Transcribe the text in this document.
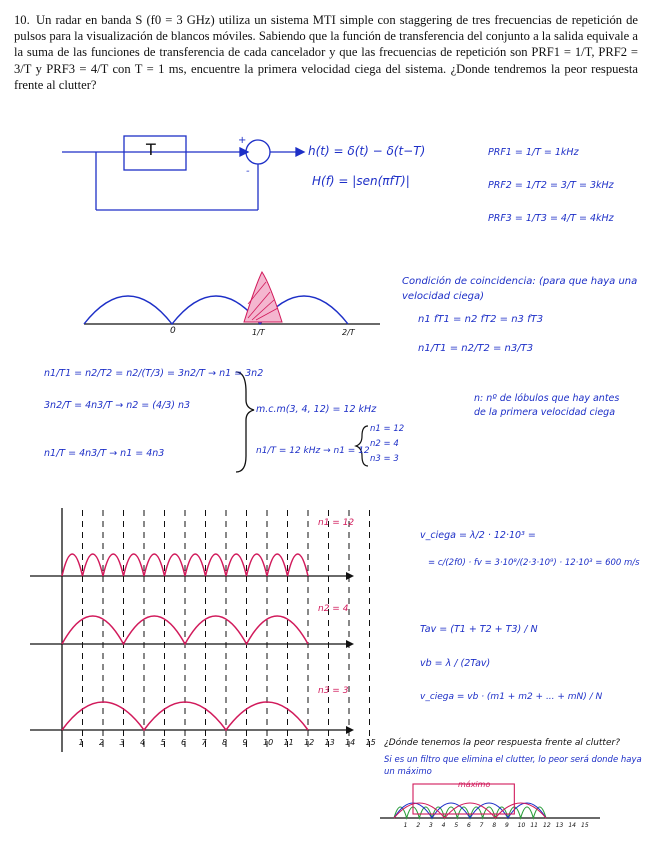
10. Un radar en banda S (f0 = 3 GHz) utiliza un sistema MTI simple con staggering de tres frecuencias de repetición de pulsos para la visualización de blancos móviles. Sabiendo que la función de transferencia del conjunto a la salida equivale a la suma de las funciones de transferencia de cada cancelador y que las frecuencias de repetición son PRF1 = 1/T, PRF2 = 3/T y PRF3 = 4/T con T = 1 ms, encuentre la primera velocidad ciega del sistema. ¿Donde tendremos la peor respuesta frente al clutter?
T	+
-
h(t) = δ(t) − δ(t−T)
H(f) = |sen(πfT)|
PRF1 = 1/T = 1kHz
PRF2 = 1/T2 = 3/T = 3kHz
PRF3 = 1/T3 = 4/T = 4kHz
0	1/T	2/T
Condición de coincidencia: (para que haya una velocidad ciega)
n1 fT1 = n2 fT2 = n3 fT3
n1/T1 = n2/T2 = n3/T3
n: nº de lóbulos que hay antes de la primera velocidad ciega
n1/T1 = n2/T2 = n2/(T/3) = 3n2/T → n1 = 3n2
3n2/T = 4n3/T → n2 = (4/3) n3
n1/T = 4n3/T → n1 = 4n3
m.c.m(3, 4, 12) = 12 kHz
n1/T = 12 kHz → n1 = 12
n1 = 12
n2 = 4
n3 = 3
n1 = 12
n2 = 4
n3 = 3
1 2 3 4 5 6 7 8 9 10 11 12 13 14 15
v_ciega = λ/2 · 12·10³ =
= c/(2f0) · fv = 3·10⁸/(2·3·10⁹) · 12·10³ = 600 m/s
Tav = (T1 + T2 + T3) / N
vb = λ / (2Tav)
v_ciega = vb · (m1 + m2 + ... + mN) / N
¿Dónde tenemos la peor respuesta frente al clutter?
Si es un filtro que elimina el clutter, lo peor será donde haya un máximo
máximo
1 2 3 4 5 6 7 8 9 10 11 12 13 14 15
